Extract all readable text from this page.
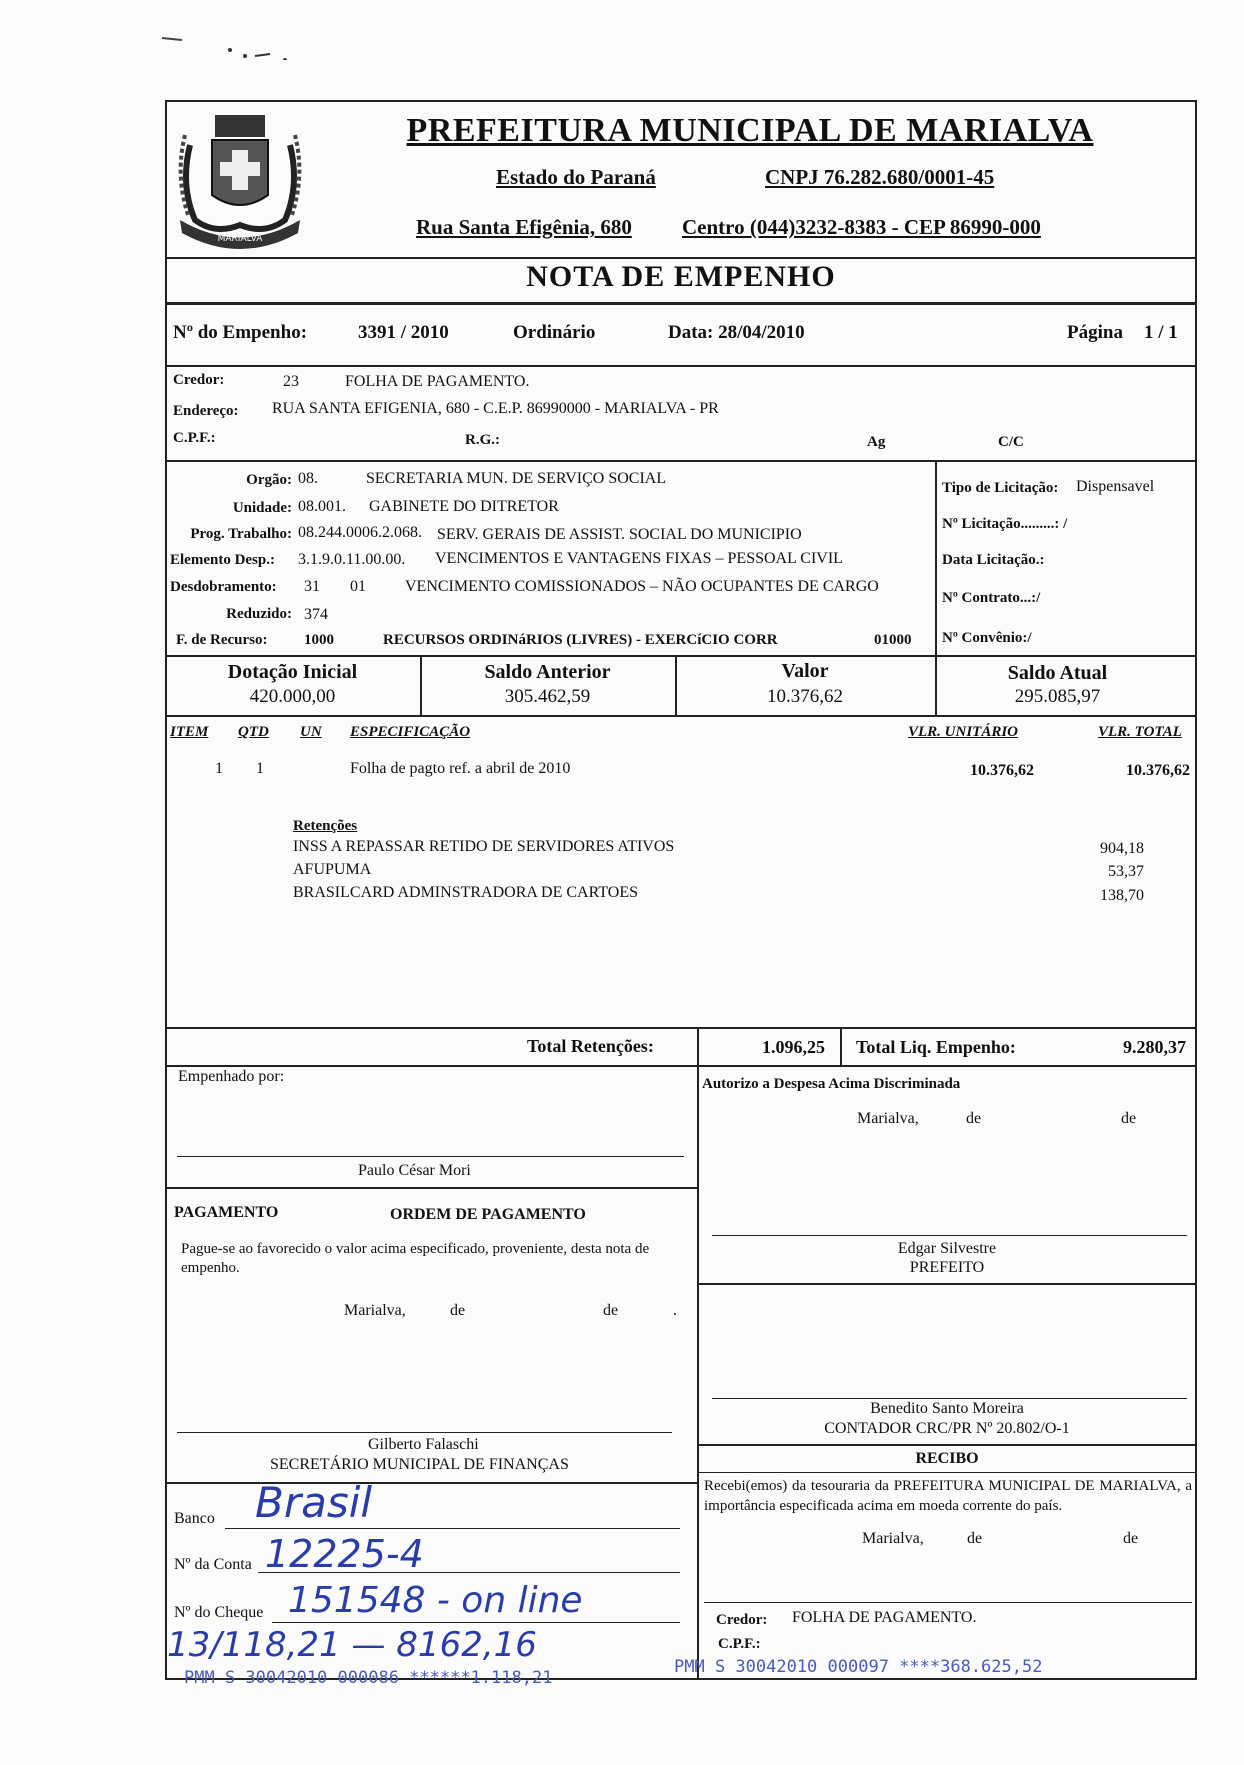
MARIALVA
PREFEITURA MUNICIPAL DE MARIALVA
Estado do Paraná	CNPJ 76.282.680/0001-45
Rua Santa Efigênia, 680 Centro (044)3232-8383 - CEP 86990-000
NOTA DE EMPENHO
Nº do Empenho:	3391 / 2010	Ordinário	Data: 28/04/2010	Página 1 / 1
Credor:	23	FOLHA DE PAGAMENTO.
Endereço: RUA SANTA EFIGENIA, 680 - C.E.P. 86990000 - MARIALVA - PR
C.P.F.:	R.G.:	Ag	C/C
Orgão: 08.	SECRETARIA MUN. DE SERVIÇO SOCIAL
Unidade: 08.001. GABINETE DO DITRETOR
Prog. Trabalho: 08.244.0006.2.068. SERV. GERAIS DE ASSIST. SOCIAL DO MUNICIPIO
Elemento Desp.: 3.1.9.0.11.00.00. VENCIMENTOS E VANTAGENS FIXAS – PESSOAL CIVIL
Desdobramento: 31 01 VENCIMENTO COMISSIONADOS – NÃO OCUPANTES DE CARGO
Reduzido: 374
F. de Recurso: 1000	RECURSOS ORDINáRIOS (LIVRES) - EXERCíCIO CORR	01000
Tipo de Licitação: Dispensavel
Nº Licitação.........: /
Data Licitação.:
Nº Contrato...:/
Nº Convênio:/
Dotação Inicial
420.000,00
Saldo Anterior
305.462,59
Valor
10.376,62
Saldo Atual
295.085,97
ITEM QTD UN ESPECIFICAÇÃO	VLR. UNITÁRIO	VLR. TOTAL
1 1	Folha de pagto ref. a abril de 2010	10.376,62	10.376,62
Retenções
INSS A REPASSAR RETIDO DE SERVIDORES ATIVOS	904,18
AFUPUMA	53,37
BRASILCARD ADMINSTRADORA DE CARTOES	138,70
Total Retenções:	1.096,25 Total Liq. Empenho:	9.280,37
Empenhado por:
Paulo César Mori
PAGAMENTO	ORDEM DE PAGAMENTO
Pague-se ao favorecido o valor acima especificado, proveniente, desta nota de empenho.
Marialva,	de	de	.
Gilberto Falaschi
SECRETÁRIO MUNICIPAL DE FINANÇAS
Banco Brasil
Nº da Conta 12225-4
Nº do Cheque 151548 - on line
13/118,21 — 8162,16
Autorizo a Despesa Acima Discriminada
Marialva,	de	de
Edgar Silvestre
PREFEITO
Benedito Santo Moreira
CONTADOR CRC/PR Nº 20.802/O-1
RECIBO
Recebi(emos) da tesouraria da PREFEITURA MUNICIPAL DE MARIALVA, a importância especificada acima em moeda corrente do país.
Marialva,	de	de
Credor: FOLHA DE PAGAMENTO.
C.P.F.:
PMM S 30042010 000086 ******1.118,21
PMM S 30042010 000097 ****368.625,52
